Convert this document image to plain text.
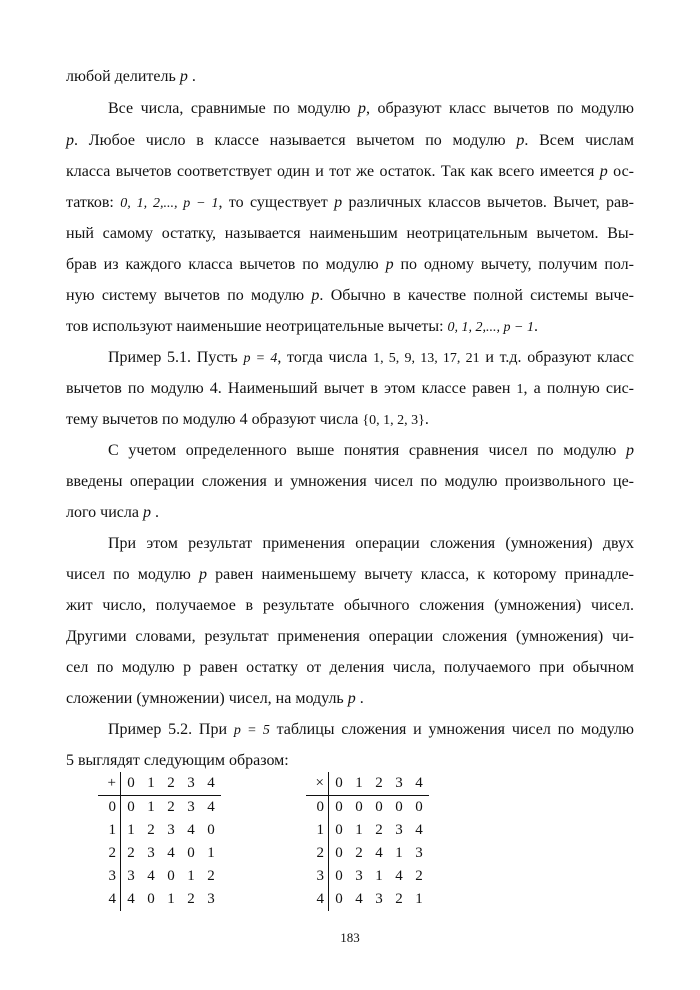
любой делитель p .

Все числа, сравнимые по модулю p, образуют класс вычетов по модулю

p. Любое число в классе называется вычетом по модулю p. Всем числам

класса вычетов соответствует один и тот же остаток. Так как всего имеется p ос-

татков: 0, 1, 2,..., p − 1, то существует p различных классов вычетов. Вычет, рав-

ный самому остатку, называется наименьшим неотрицательным вычетом. Вы-

брав из каждого класса вычетов по модулю p по одному вычету, получим пол-

ную систему вычетов по модулю p. Обычно в качестве полной системы выче-

тов используют наименьшие неотрицательные вычеты: 0, 1, 2,..., p − 1.

Пример 5.1. Пусть p = 4, тогда числа 1, 5, 9, 13, 17, 21 и т.д. образуют класс

вычетов по модулю 4. Наименьший вычет в этом классе равен 1, а полную сис-

тему вычетов по модулю 4 образуют числа {0, 1, 2, 3}.

С учетом определенного выше понятия сравнения чисел по модулю p

введены операции сложения и умножения чисел по модулю произвольного це-

лого числа p .

При этом результат применения операции сложения (умножения) двух

чисел по модулю p равен наименьшему вычету класса, к которому принадле-

жит число, получаемое в результате обычного сложения (умножения) чисел.

Другими словами, результат применения операции сложения (умножения) чи-

сел по модулю p равен остатку от деления числа, получаемого при обычном

сложении (умножении) чисел, на модуль p .

Пример 5.2. При p = 5 таблицы сложения и умножения чисел по модулю

5 выглядят следующим образом:

+	0	1	2	3	4
0	0	1	2	3	4
1	1	2	3	4	0
2	2	3	4	0	1
3	3	4	0	1	2
4	4	0	1	2	3
×	0	1	2	3	4
0	0	0	0	0	0
1	0	1	2	3	4
2	0	2	4	1	3
3	0	3	1	4	2
4	0	4	3	2	1
183
